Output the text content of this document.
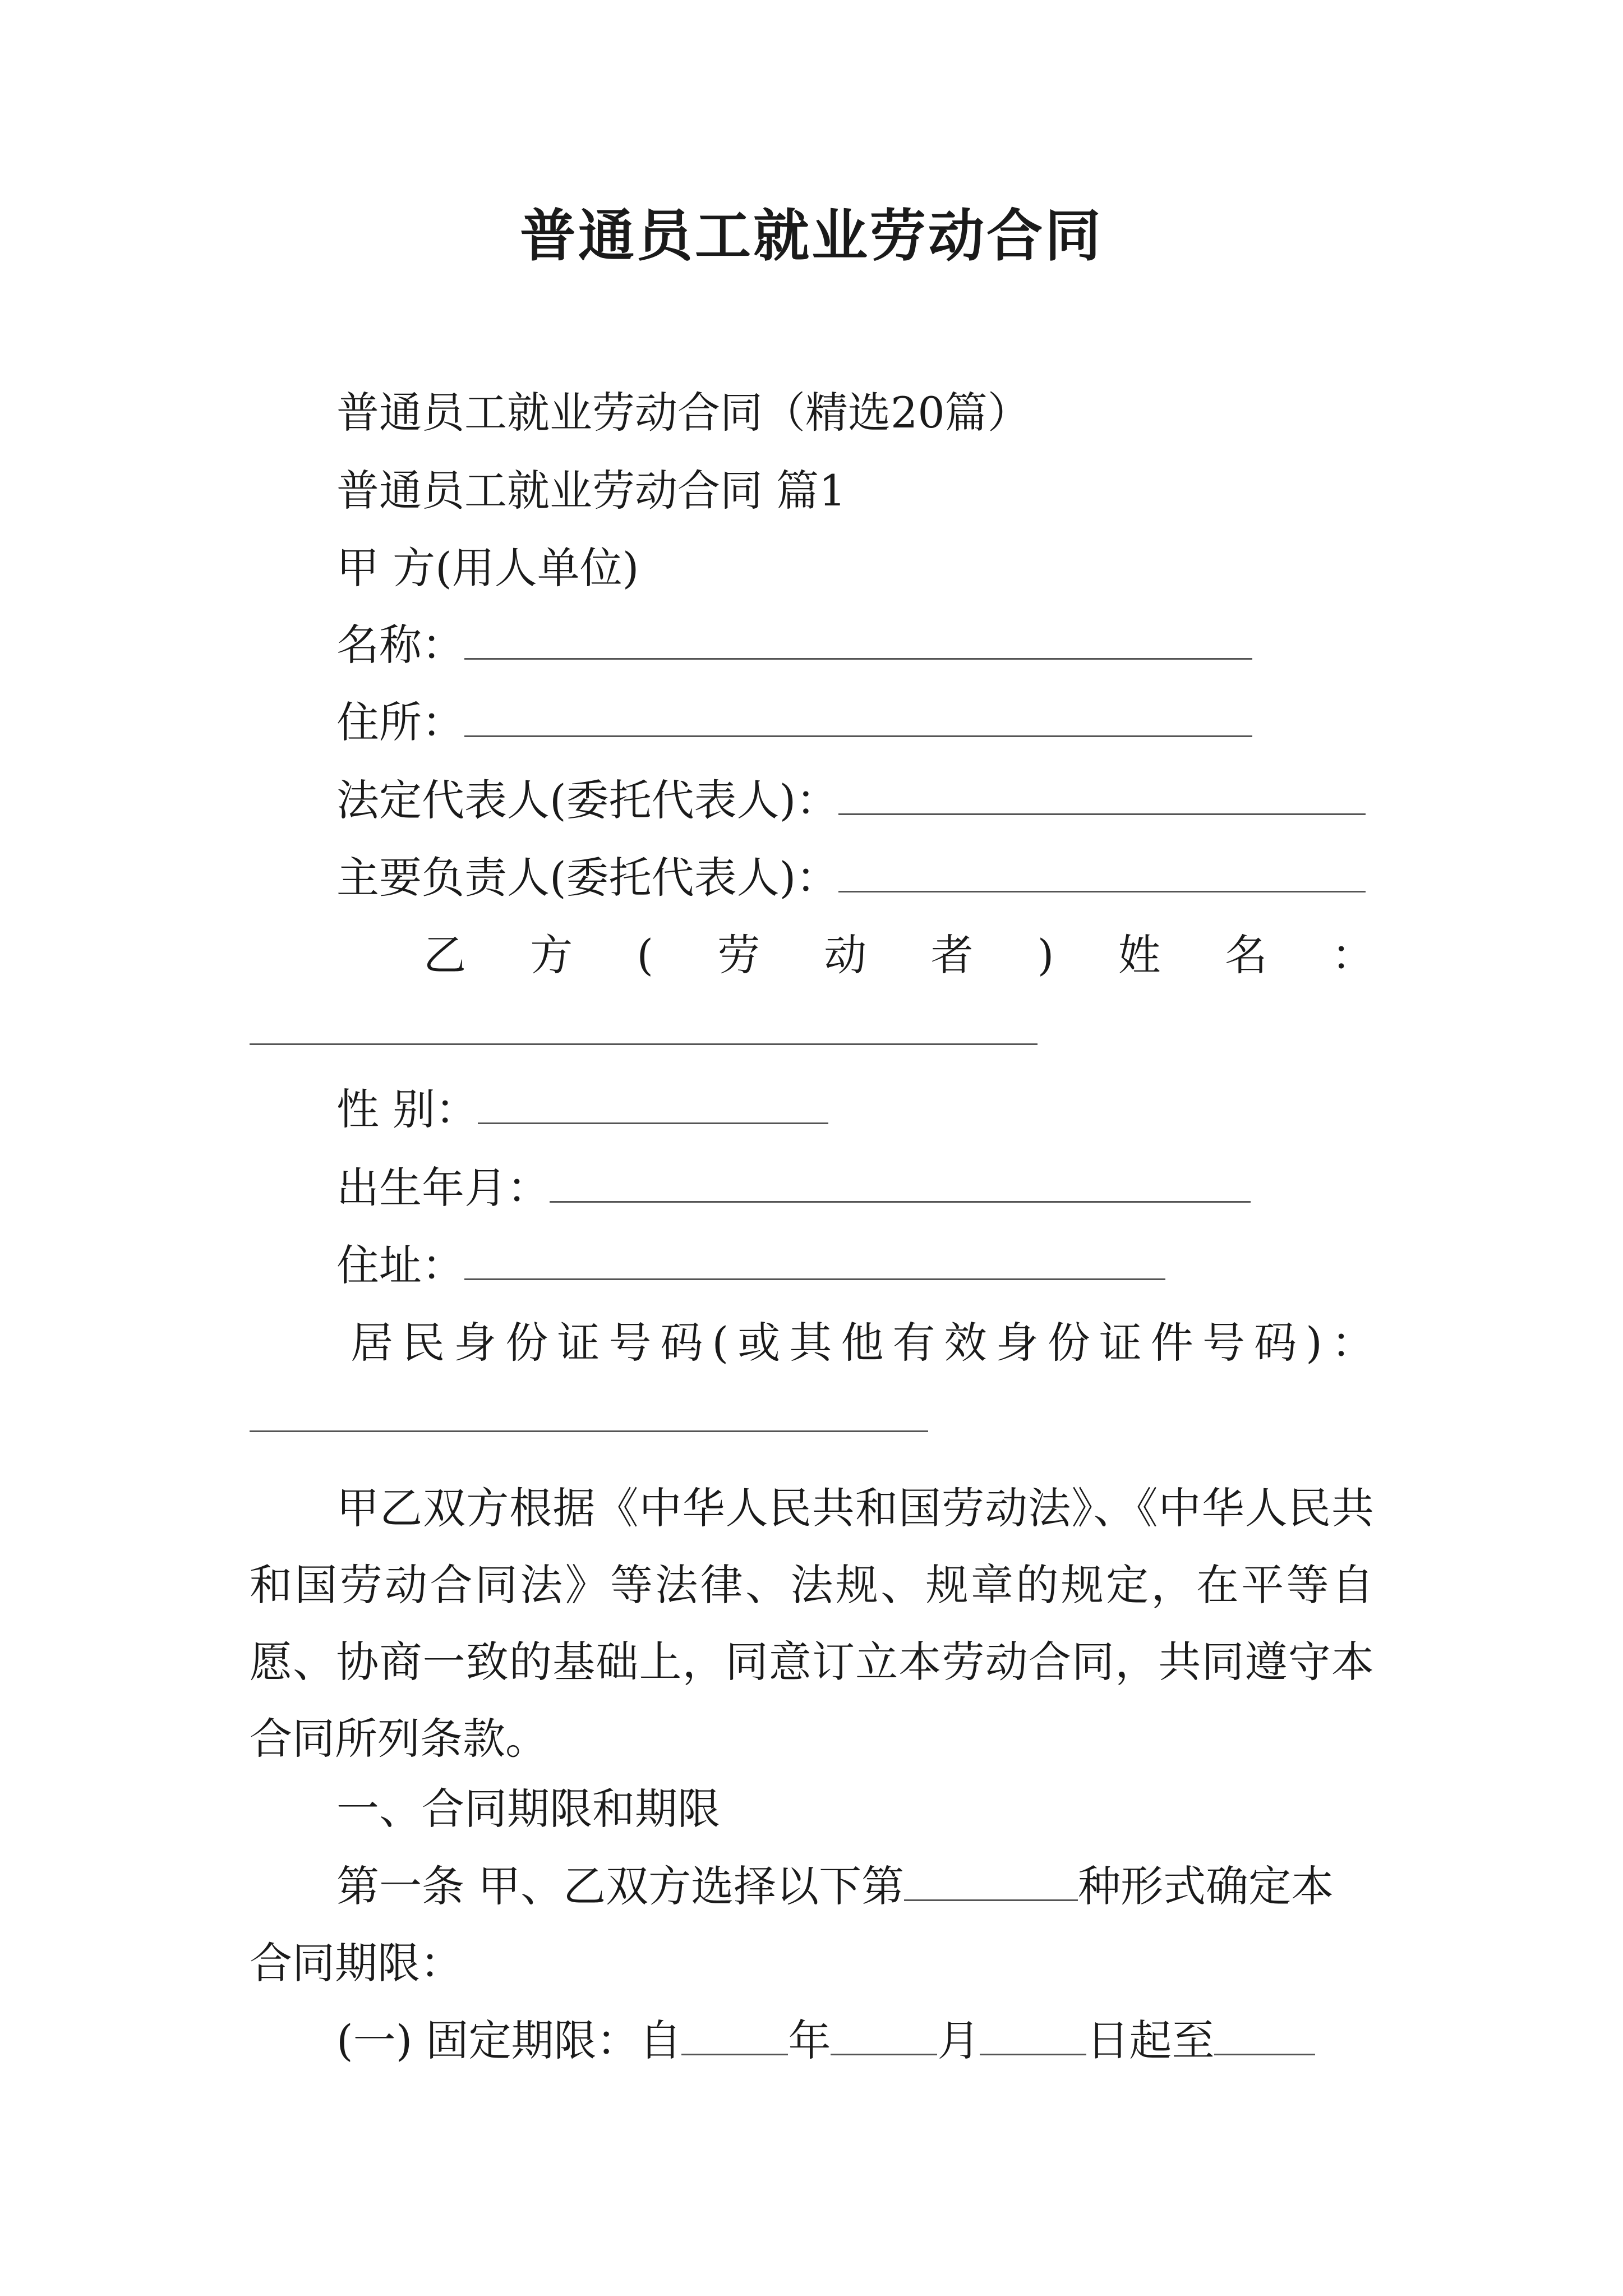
普通员工就业劳动合同
普通员工就业劳动合同（精选20篇）
普通员工就业劳动合同 篇1
甲 方(用人单位)
名称：
住所：
法定代表人(委托代表人)：
主要负责人(委托代表人)：
乙 方 ( 劳 动 者 ) 姓 名 ：
性 别：
出生年月：
住址：
居 民 身 份 证 号 码 ( 或 其 他 有 效 身 份 证 件 号 码 ) ：
甲乙双方根据《中华人民共和国劳动法》、《中华人民共和国劳动合同法》等法律、法规、规章的规定，在平等自愿、协商一致的基础上，同意订立本劳动合同，共同遵守本合同所列条款。
一、合同期限和期限
第一条 甲、乙双方选择以下第	种形式确定本
合同期限：
(一) 固定期限：自	年	月	日起至
